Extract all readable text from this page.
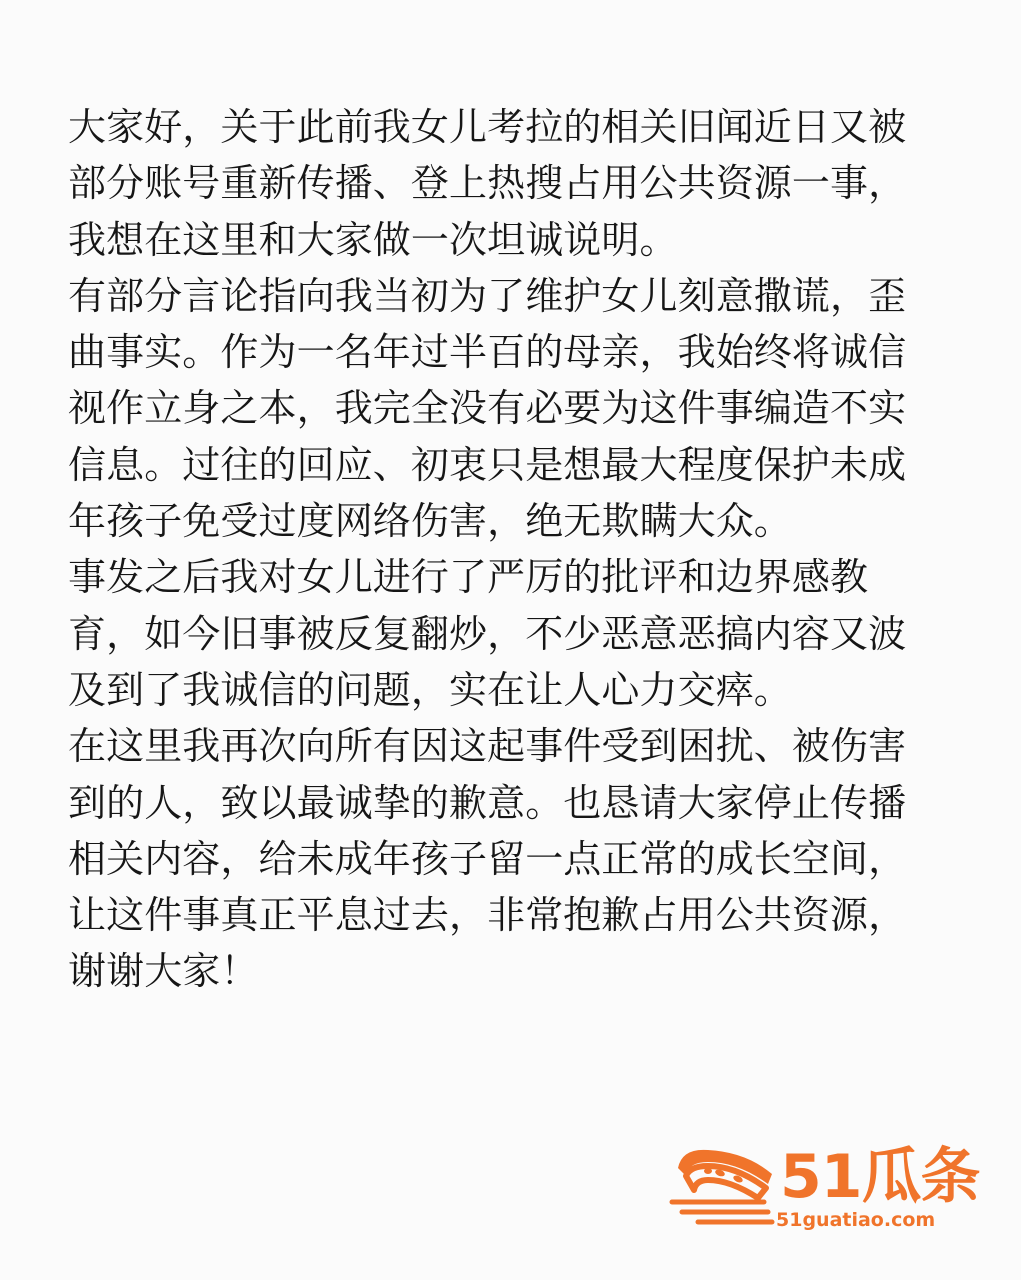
大家好，关于此前我女儿考拉的相关旧闻近日又被
部分账号重新传播、登上热搜占用公共资源一事，
我想在这里和大家做一次坦诚说明。
有部分言论指向我当初为了维护女儿刻意撒谎，歪
曲事实。作为一名年过半百的母亲，我始终将诚信
视作立身之本，我完全没有必要为这件事编造不实
信息。过往的回应、初衷只是想最大程度保护未成
年孩子免受过度网络伤害，绝无欺瞒大众。
事发之后我对女儿进行了严厉的批评和边界感教
育，如今旧事被反复翻炒，不少恶意恶搞内容又波
及到了我诚信的问题，实在让人心力交瘁。
在这里我再次向所有因这起事件受到困扰、被伤害
到的人，致以最诚挚的歉意。也恳请大家停止传播
相关内容，给未成年孩子留一点正常的成长空间，
让这件事真正平息过去，非常抱歉占用公共资源，
谢谢大家！
51瓜条
51guatiao.com
